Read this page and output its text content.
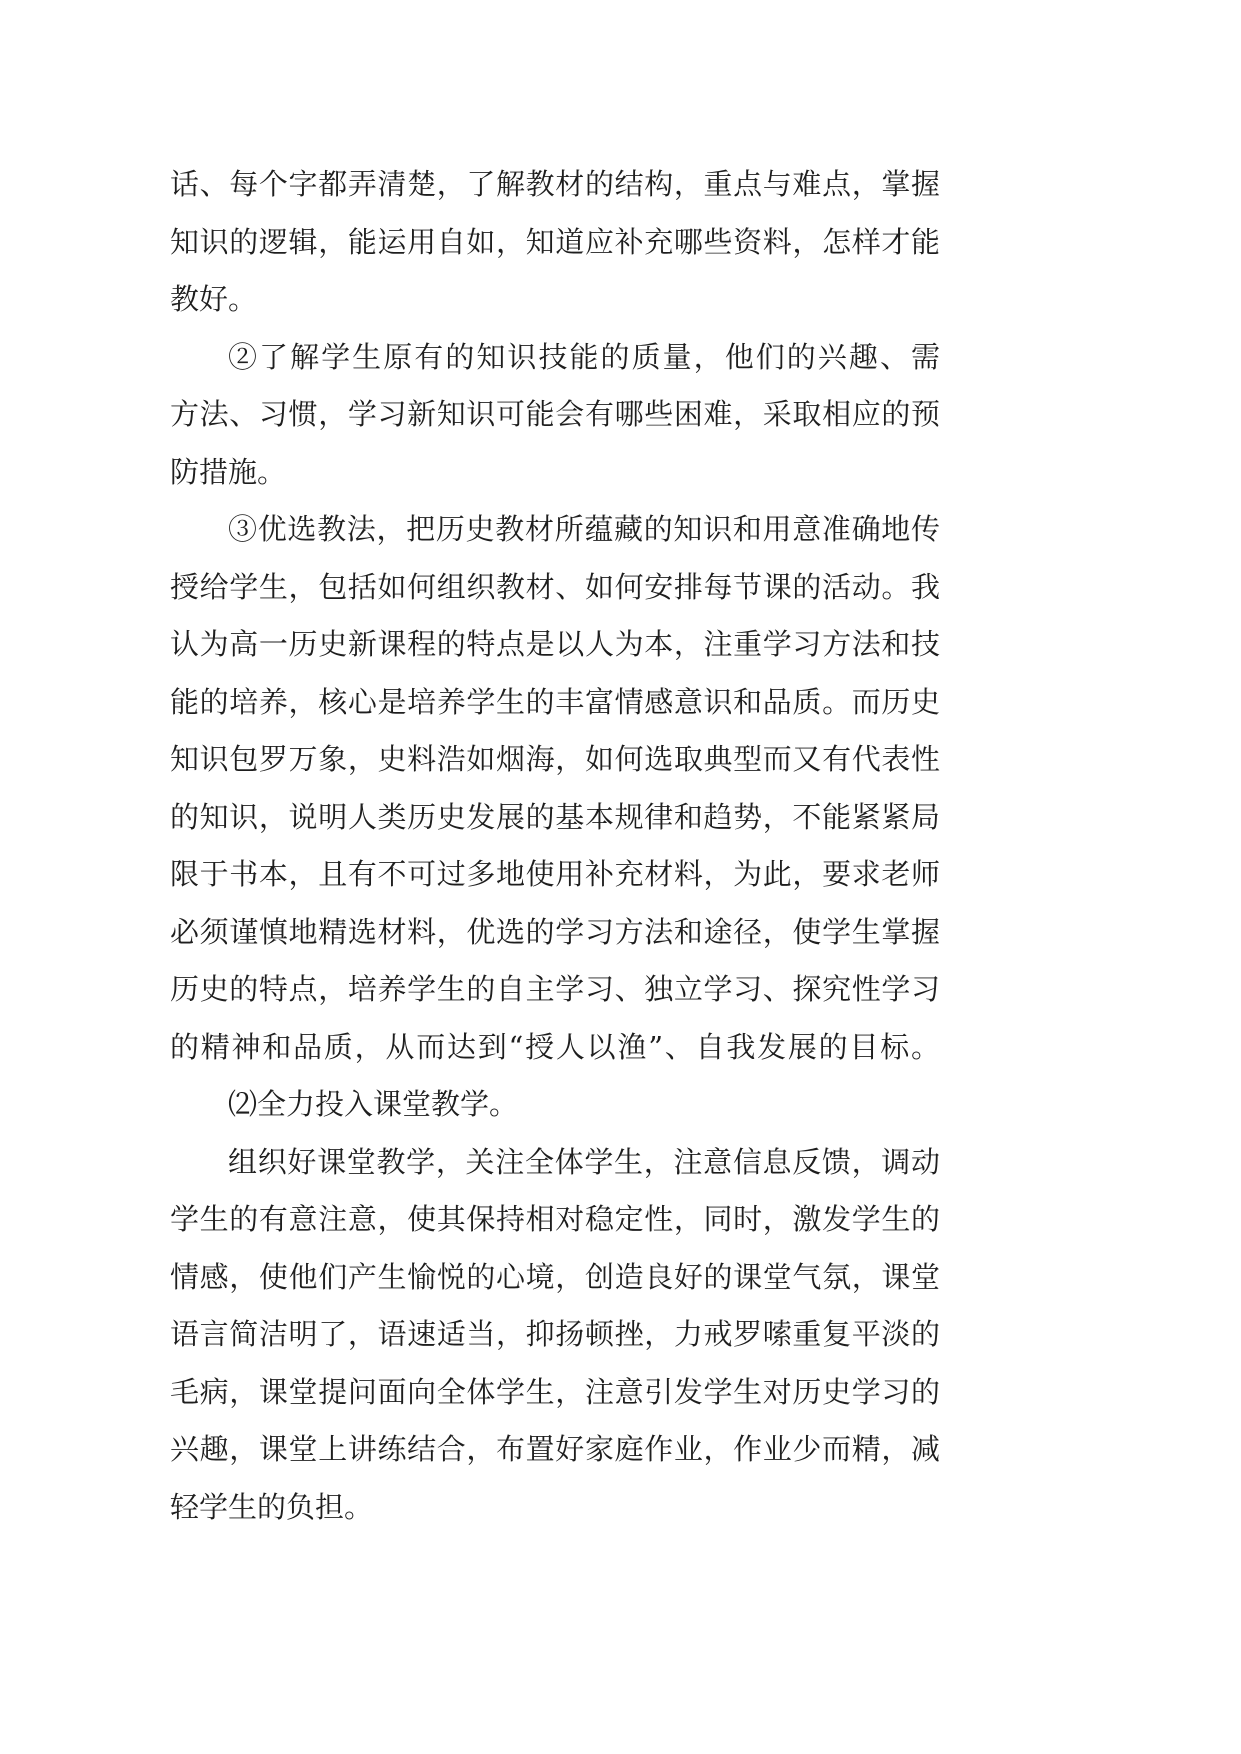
话、每个字都弄清楚，了解教材的结构，重点与难点，掌握
知识的逻辑，能运用自如，知道应补充哪些资料，怎样才能
教好。
②了解学生原有的知识技能的质量，他们的兴趣、需
方法、习惯，学习新知识可能会有哪些困难，采取相应的预
防措施。
③优选教法，把历史教材所蕴藏的知识和用意准确地传
授给学生，包括如何组织教材、如何安排每节课的活动。我
认为高一历史新课程的特点是以人为本，注重学习方法和技
能的培养，核心是培养学生的丰富情感意识和品质。而历史
知识包罗万象，史料浩如烟海，如何选取典型而又有代表性
的知识，说明人类历史发展的基本规律和趋势，不能紧紧局
限于书本，且有不可过多地使用补充材料，为此，要求老师
必须谨慎地精选材料，优选的学习方法和途径，使学生掌握
历史的特点，培养学生的自主学习、独立学习、探究性学习
的精神和品质，从而达到“授人以渔”、自我发展的目标。
⑵全力投入课堂教学。
组织好课堂教学，关注全体学生，注意信息反馈，调动
学生的有意注意，使其保持相对稳定性，同时，激发学生的
情感，使他们产生愉悦的心境，创造良好的课堂气氛，课堂
语言简洁明了，语速适当，抑扬顿挫，力戒罗嗦重复平淡的
毛病，课堂提问面向全体学生，注意引发学生对历史学习的
兴趣，课堂上讲练结合，布置好家庭作业，作业少而精，减
轻学生的负担。
